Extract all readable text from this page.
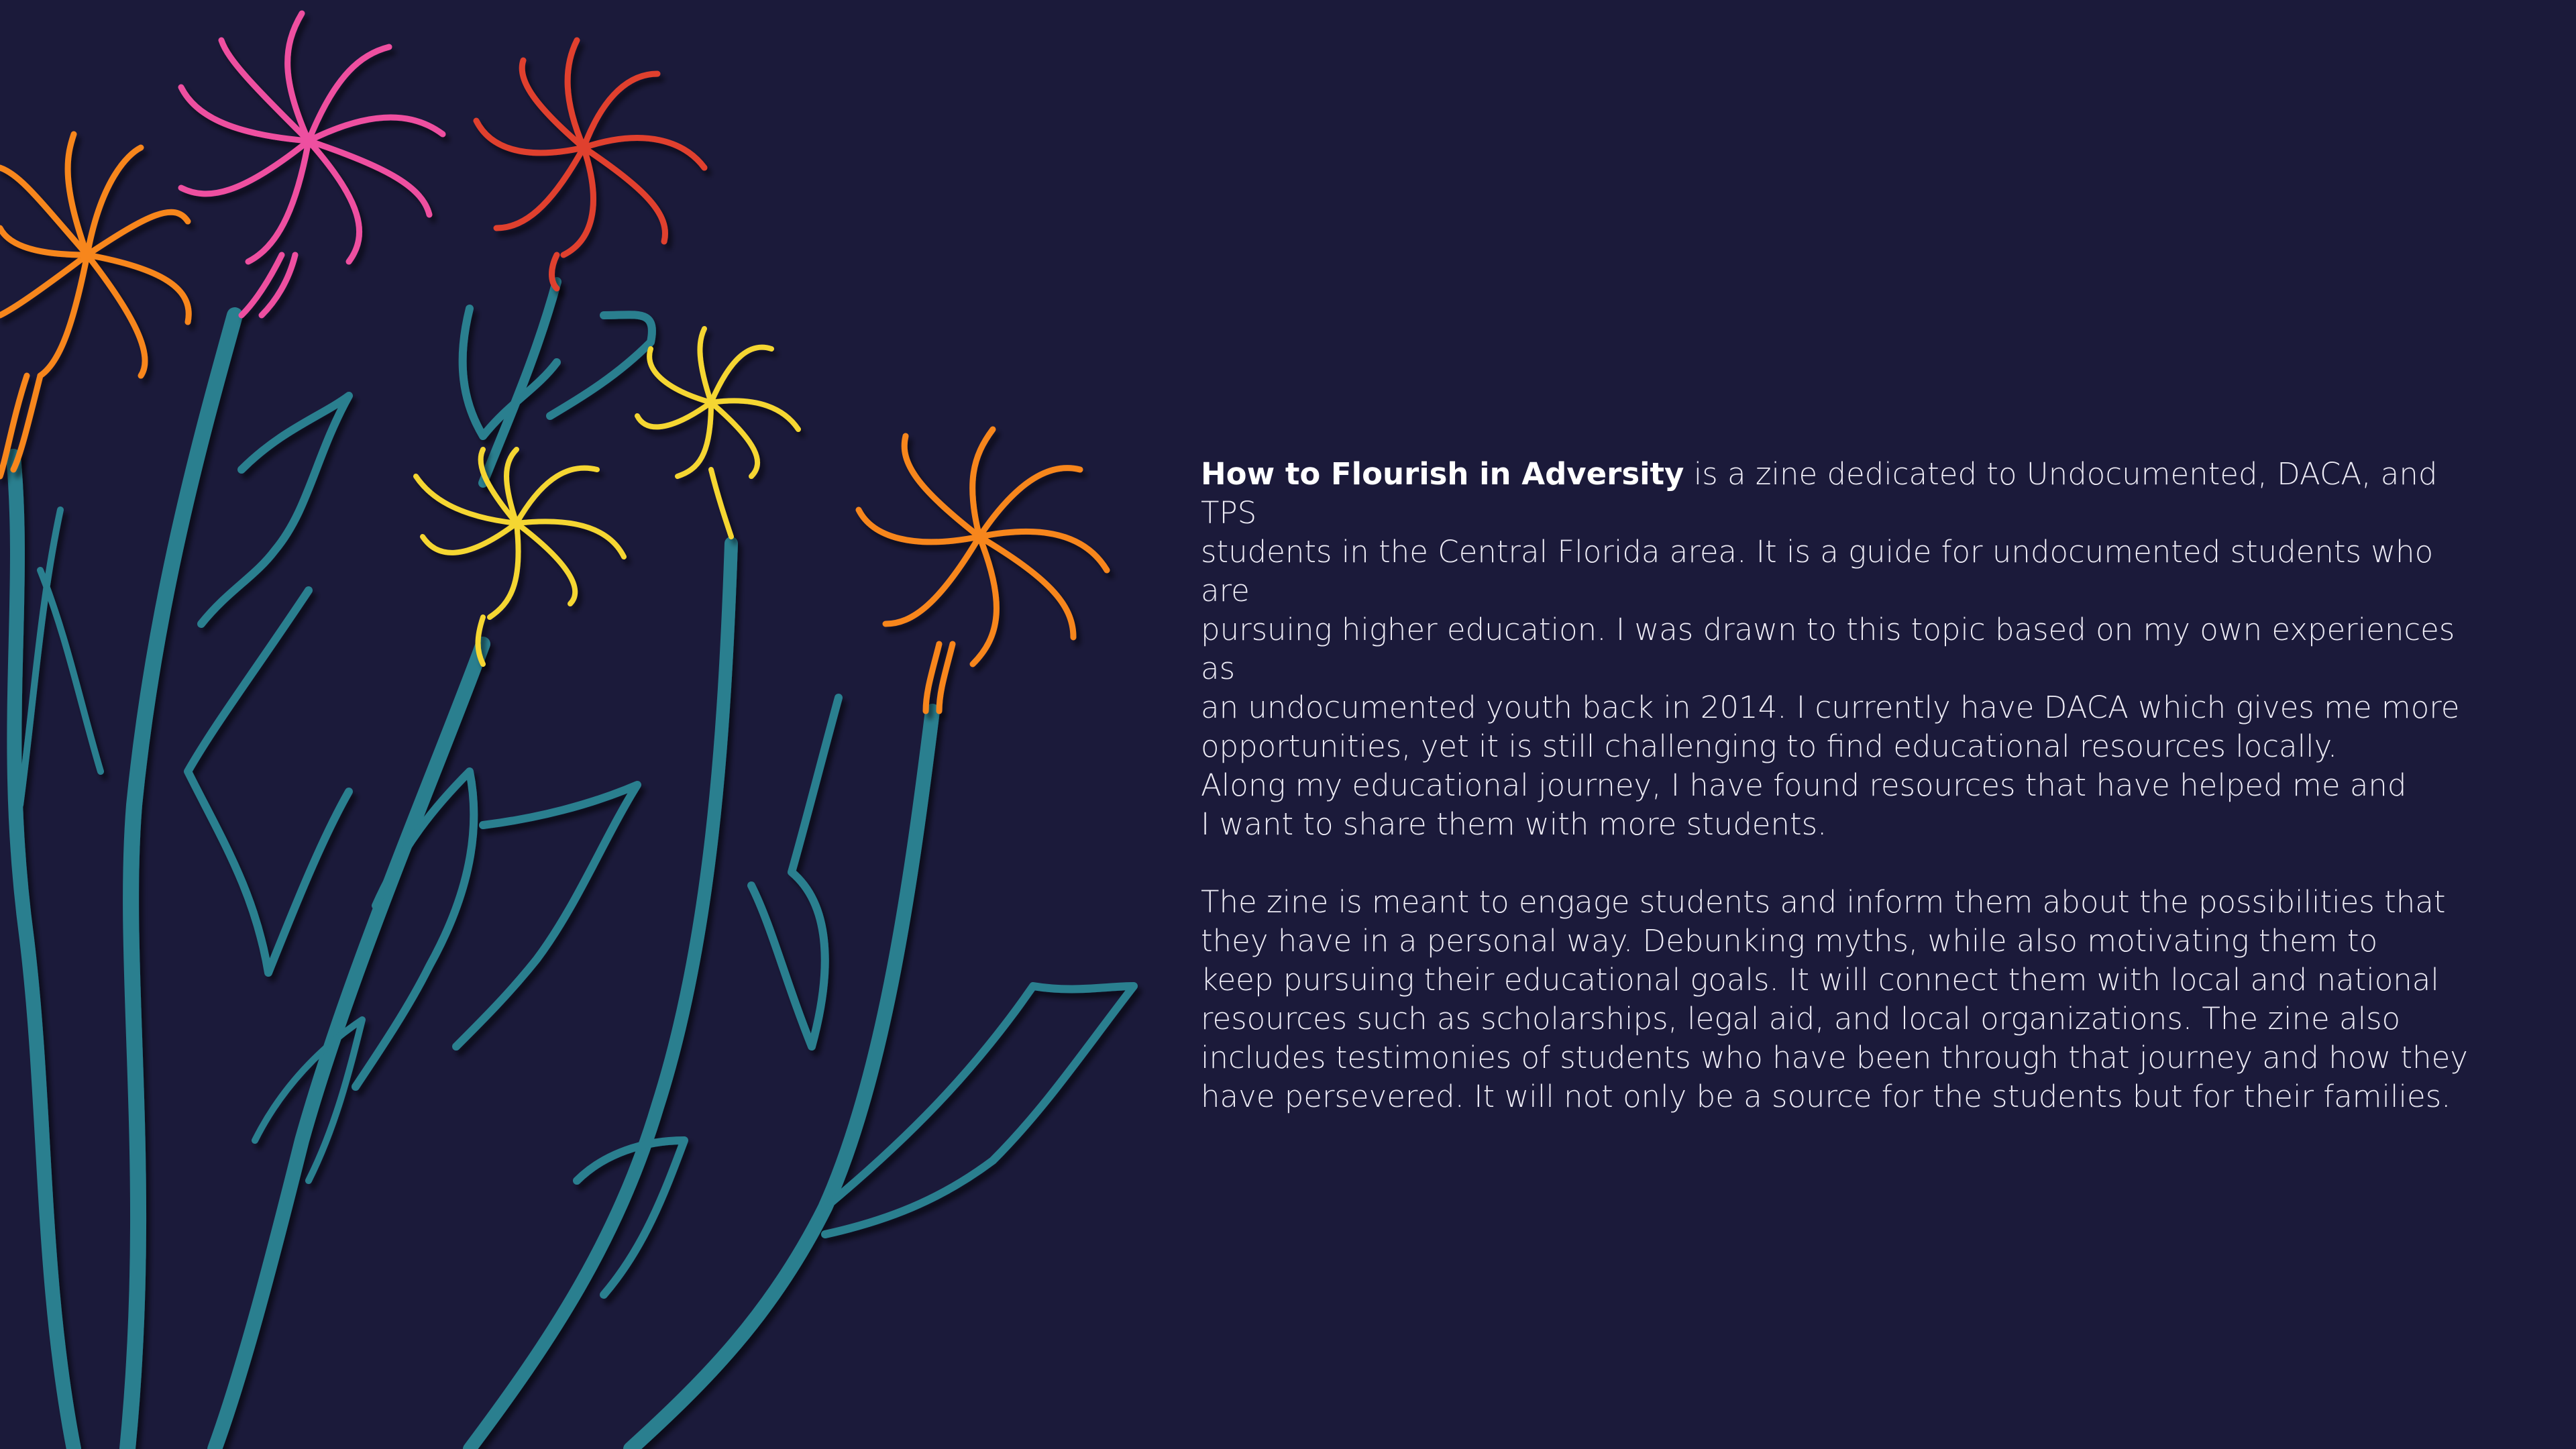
How to Flourish in Adversity is a zine dedicated to Undocumented, DACA, and TPS
students in the Central Florida area. It is a guide for undocumented students who are
pursuing higher education. I was drawn to this topic based on my own experiences as
an undocumented youth back in 2014. I currently have DACA which gives me more
opportunities, yet it is still challenging to find educational resources locally.
Along my educational journey, I have found resources that have helped me and
I want to share them with more students.

The zine is meant to engage students and inform them about the possibilities that
they have in a personal way. Debunking myths, while also motivating them to
keep pursuing their educational goals. It will connect them with local and national
resources such as scholarships, legal aid, and local organizations. The zine also
includes testimonies of students who have been through that journey and how they
have persevered. It will not only be a source for the students but for their families.
